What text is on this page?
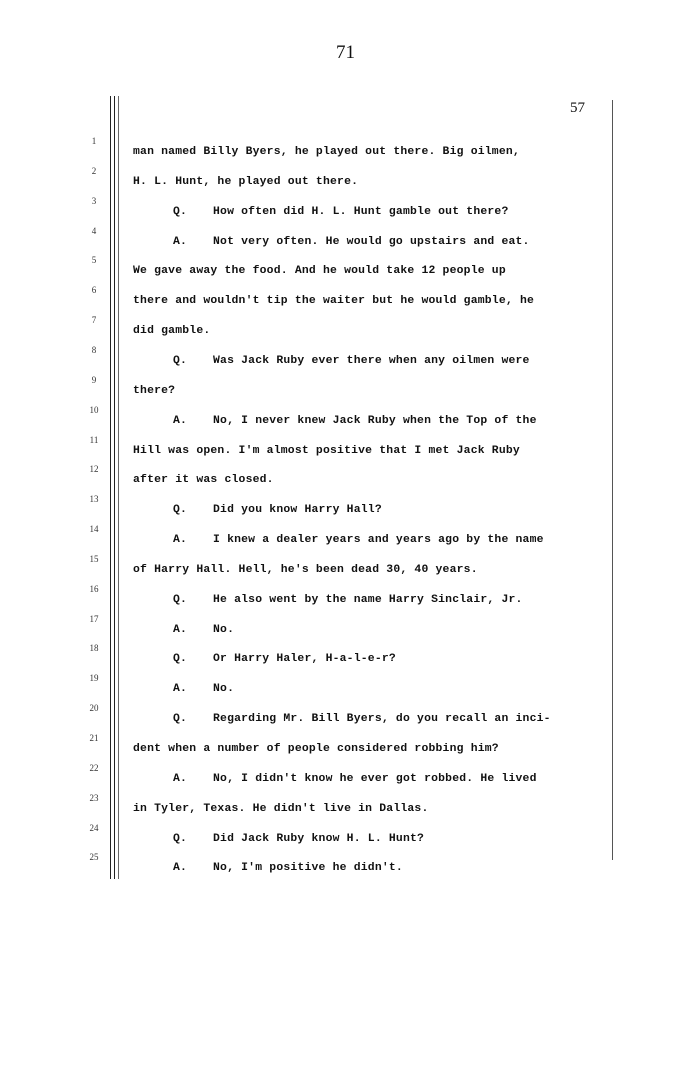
71
57
1
man named Billy Byers, he played out there. Big oilmen,
2
H. L. Hunt, he played out there.
3
Q. How often did H. L. Hunt gamble out there?
4
A. Not very often. He would go upstairs and eat.
5
We gave away the food. And he would take 12 people up
6
there and wouldn't tip the waiter but he would gamble, he
7
did gamble.
8
Q. Was Jack Ruby ever there when any oilmen were
9
there?
10
A. No, I never knew Jack Ruby when the Top of the
11
Hill was open. I'm almost positive that I met Jack Ruby
12
after it was closed.
13
Q. Did you know Harry Hall?
14
A. I knew a dealer years and years ago by the name
15
of Harry Hall. Hell, he's been dead 30, 40 years.
16
Q. He also went by the name Harry Sinclair, Jr.
17
A. No.
18
Q. Or Harry Haler, H-a-l-e-r?
19
A. No.
20
Q. Regarding Mr. Bill Byers, do you recall an inci-
21
dent when a number of people considered robbing him?
22
A. No, I didn't know he ever got robbed. He lived
23
in Tyler, Texas. He didn't live in Dallas.
24
Q. Did Jack Ruby know H. L. Hunt?
25
A. No, I'm positive he didn't.
